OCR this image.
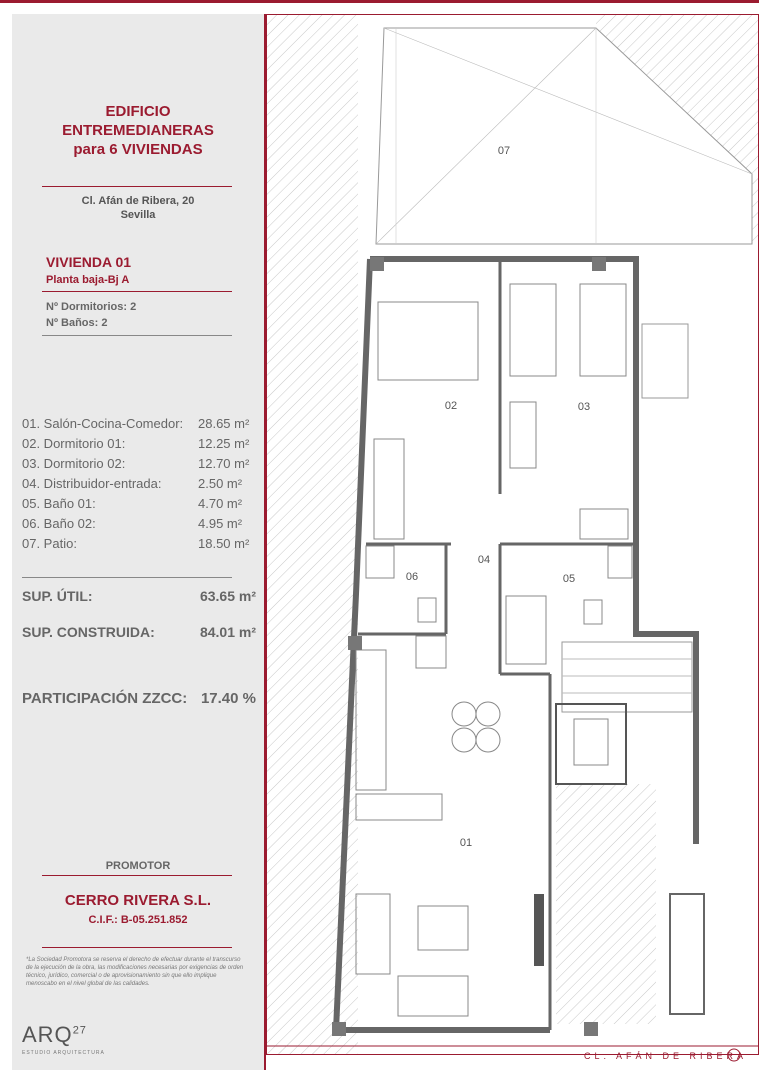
EDIFICIO
ENTREMEDIANERAS
para 6 VIVIENDAS
Cl. Afán de Ribera, 20
Sevilla
VIVIENDA 01
Planta baja-Bj A
Nº Dormitorios: 2
Nº Baños: 2
01. Salón-Cocina-Comedor: 28.65 m²
02. Dormitorio 01:	12.25 m²
03. Dormitorio 02:	12.70 m²
04. Distribuidor-entrada:	2.50 m²
05. Baño 01:	4.70 m²
06. Baño 02:	4.95 m²
07. Patio:	18.50 m²
SUP. ÚTIL:	63.65 m²
SUP. CONSTRUIDA:	84.01 m²
PARTICIPACIÓN ZZCC: 17.40 %
PROMOTOR
CERRO RIVERA S.L.
C.I.F.: B-05.251.852
*La Sociedad Promotora se reserva el derecho de efectuar durante el transcurso de la ejecución de la obra, las modificaciones necesarias por exigencias de orden técnico, jurídico, comercial o de aprovisionamiento sin que ello implique menoscabo en el nivel global de las calidades.
ARQ$^{27}$
ESTUDIO ARQUITECTURA
07
02	03
04
05
06
01
CL. AFÁN DE RIBERA
